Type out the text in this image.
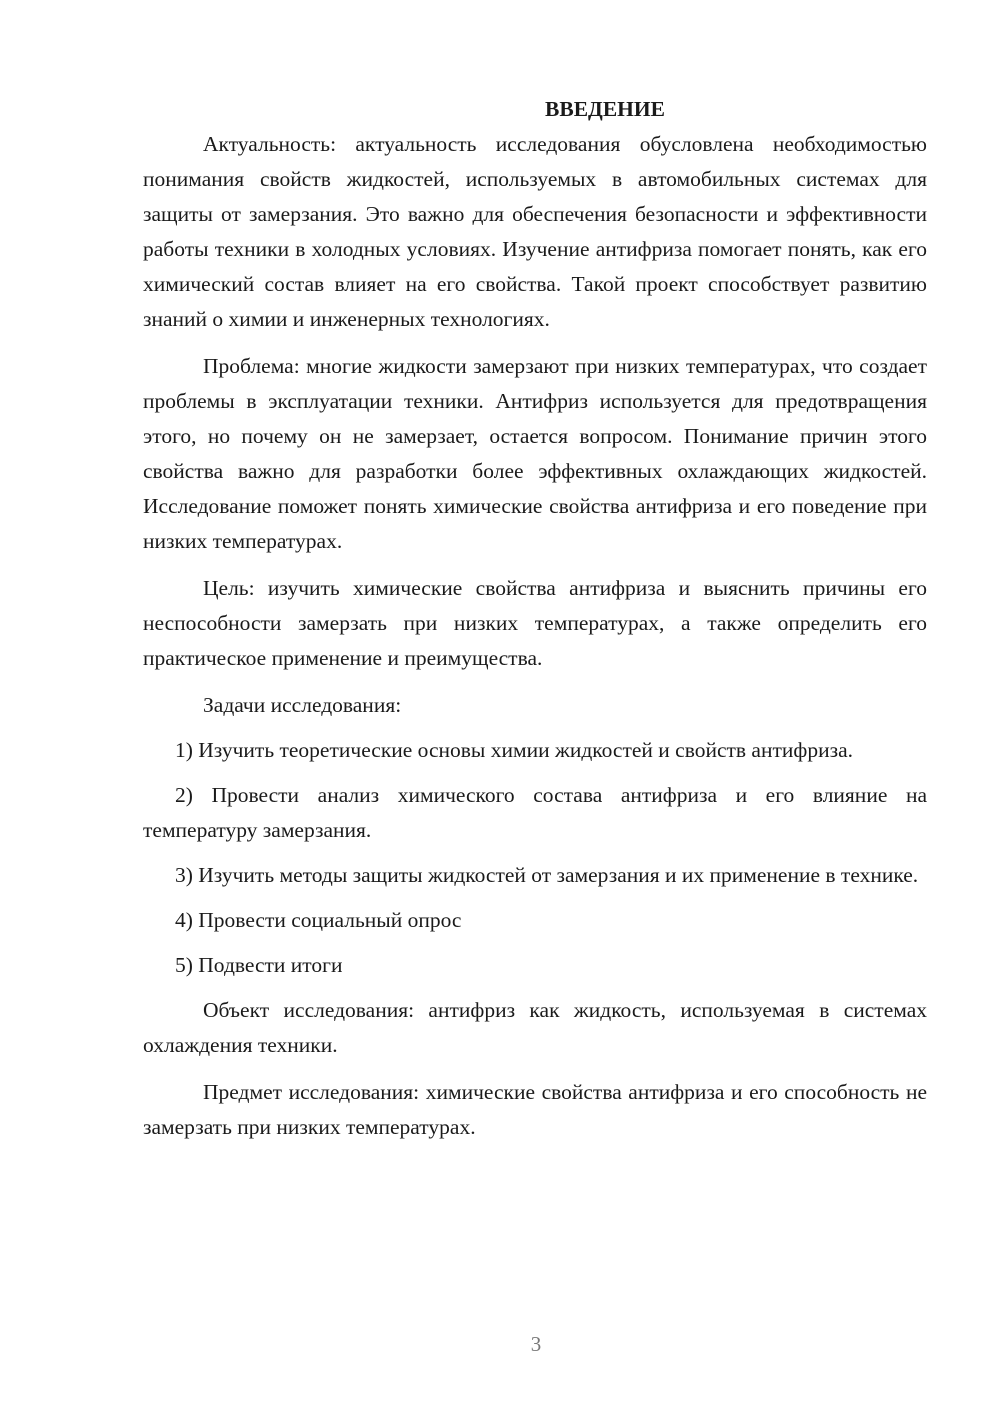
ВВЕДЕНИЕ

Актуальность: актуальность исследования обусловлена необходимостью понимания свойств жидкостей, используемых в автомобильных системах для защиты от замерзания. Это важно для обеспечения безопасности и эффективности работы техники в холодных условиях. Изучение антифриза помогает понять, как его химический состав влияет на его свойства. Такой проект способствует развитию знаний о химии и инженерных технологиях.

Проблема: многие жидкости замерзают при низких температурах, что создает проблемы в эксплуатации техники. Антифриз используется для предотвращения этого, но почему он не замерзает, остается вопросом. Понимание причин этого свойства важно для разработки более эффективных охлаждающих жидкостей. Исследование поможет понять химические свойства антифриза и его поведение при низких температурах.

Цель: изучить химические свойства антифриза и выяснить причины его неспособности замерзать при низких температурах, а также определить его практическое применение и преимущества.

Задачи исследования:

1) Изучить теоретические основы химии жидкостей и свойств антифриза.

2) Провести анализ химического состава антифриза и его влияние на температуру замерзания.

3) Изучить методы защиты жидкостей от замерзания и их применение в технике.

4) Провести социальный опрос

5) Подвести итоги

Объект исследования: антифриз как жидкость, используемая в системах охлаждения техники.

Предмет исследования: химические свойства антифриза и его способность не замерзать при низких температурах.

3
